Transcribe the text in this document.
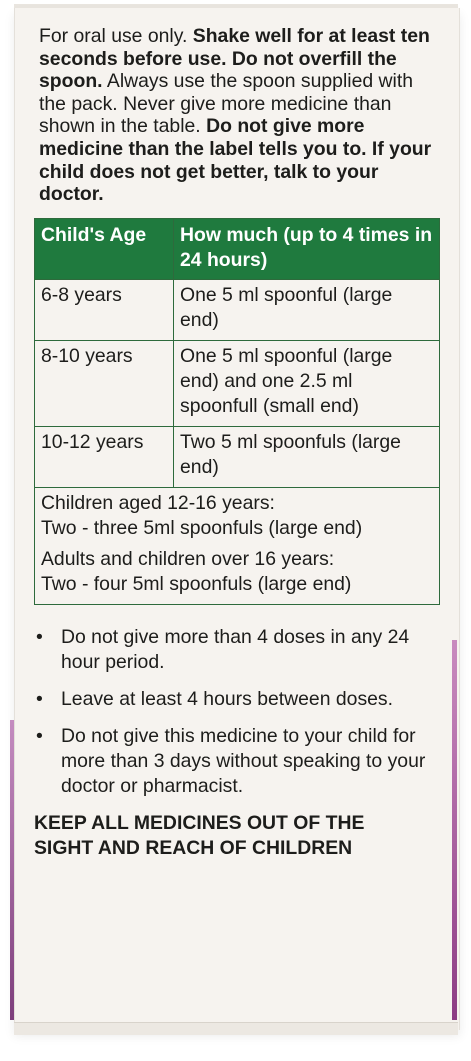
For oral use only. Shake well for at least ten seconds before use. Do not overfill the spoon. Always use the spoon supplied with the pack. Never give more medicine than shown in the table. Do not give more medicine than the label tells you to. If your child does not get better, talk to your doctor.

Child's Age	How much (up to 4 times in 24 hours)
6-8 years	One 5 ml spoonful (large end)
8-10 years	One 5 ml spoonful (large end) and one 2.5 ml spoonfull (small end)
10-12 years	Two 5 ml spoonfuls (large end)

Children aged 12-16 years:
Two - three 5ml spoonfuls (large end)
Adults and children over 16 years:
Two - four 5ml spoonfuls (large end)	
• Do not give more than 4 doses in any 24 hour period.
• Leave at least 4 hours between doses.
• Do not give this medicine to your child for more than 3 days without speaking to your doctor or pharmacist.
KEEP ALL MEDICINES OUT OF THE
SIGHT AND REACH OF CHILDREN
